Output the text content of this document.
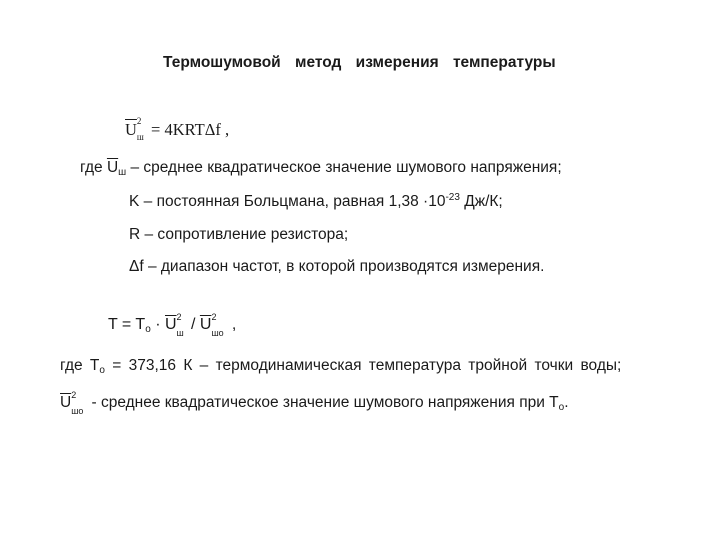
Термошумовой метод измерения температуры
U 2
ш = 4KRTΔf ,
где $\overline{U}_ш$ – среднее квадратическое значение шумового напряжения;
K – постоянная Больцмана, равная $1,38 \cdot 10^{-23}$ Дж/К;
R – сопротивление резистора;
Δf – диапазон частот, в которой производятся измерения.
$T = T_o \cdot U$ 2
ш / U 2
шо ,
где $T_o = 373,16$ К – термодинамическая температура тройной точки воды;
U 2
шо - среднее квадратическое значение шумового напряжения при $T_o$.
